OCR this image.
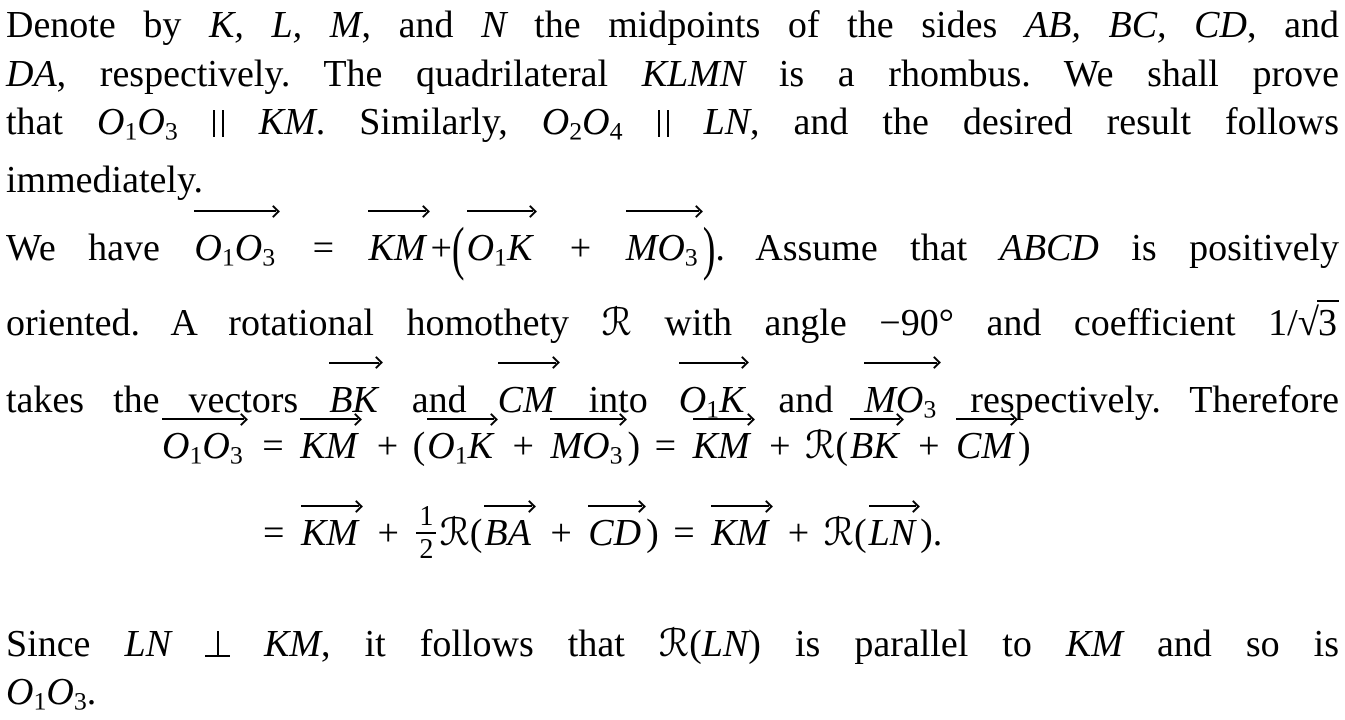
Denote by K, L, M, and N the midpoints of the sides AB, BC, CD, and
DA, respectively. The quadrilateral KLMN is a rhombus. We shall prove
that $O_1O_3$ KM. Similarly, $O_2O_4$ LN, and the desired result follows
immediately.
We have $O_1O_3$ = KM $+(O_1K + MO_3$ ). Assume that ABCD is positively
oriented. A rotational homothety ℛ with angle −90° and coefficient 1/√3
takes the vectors BK and CM into $O_1K$ and $MO_3$ respectively. Therefore
$O_1O_3$ = KM + ($O_1K + MO_3$ ) = KM + ℛ(BK + CM )
= KM + $\frac{1}{2}$ ℛ(BA + CD ) = KM + ℛ(LN ).
Since LN KM, it follows that ℛ(LN) is parallel to KM and so is
$O_1O_3$.
